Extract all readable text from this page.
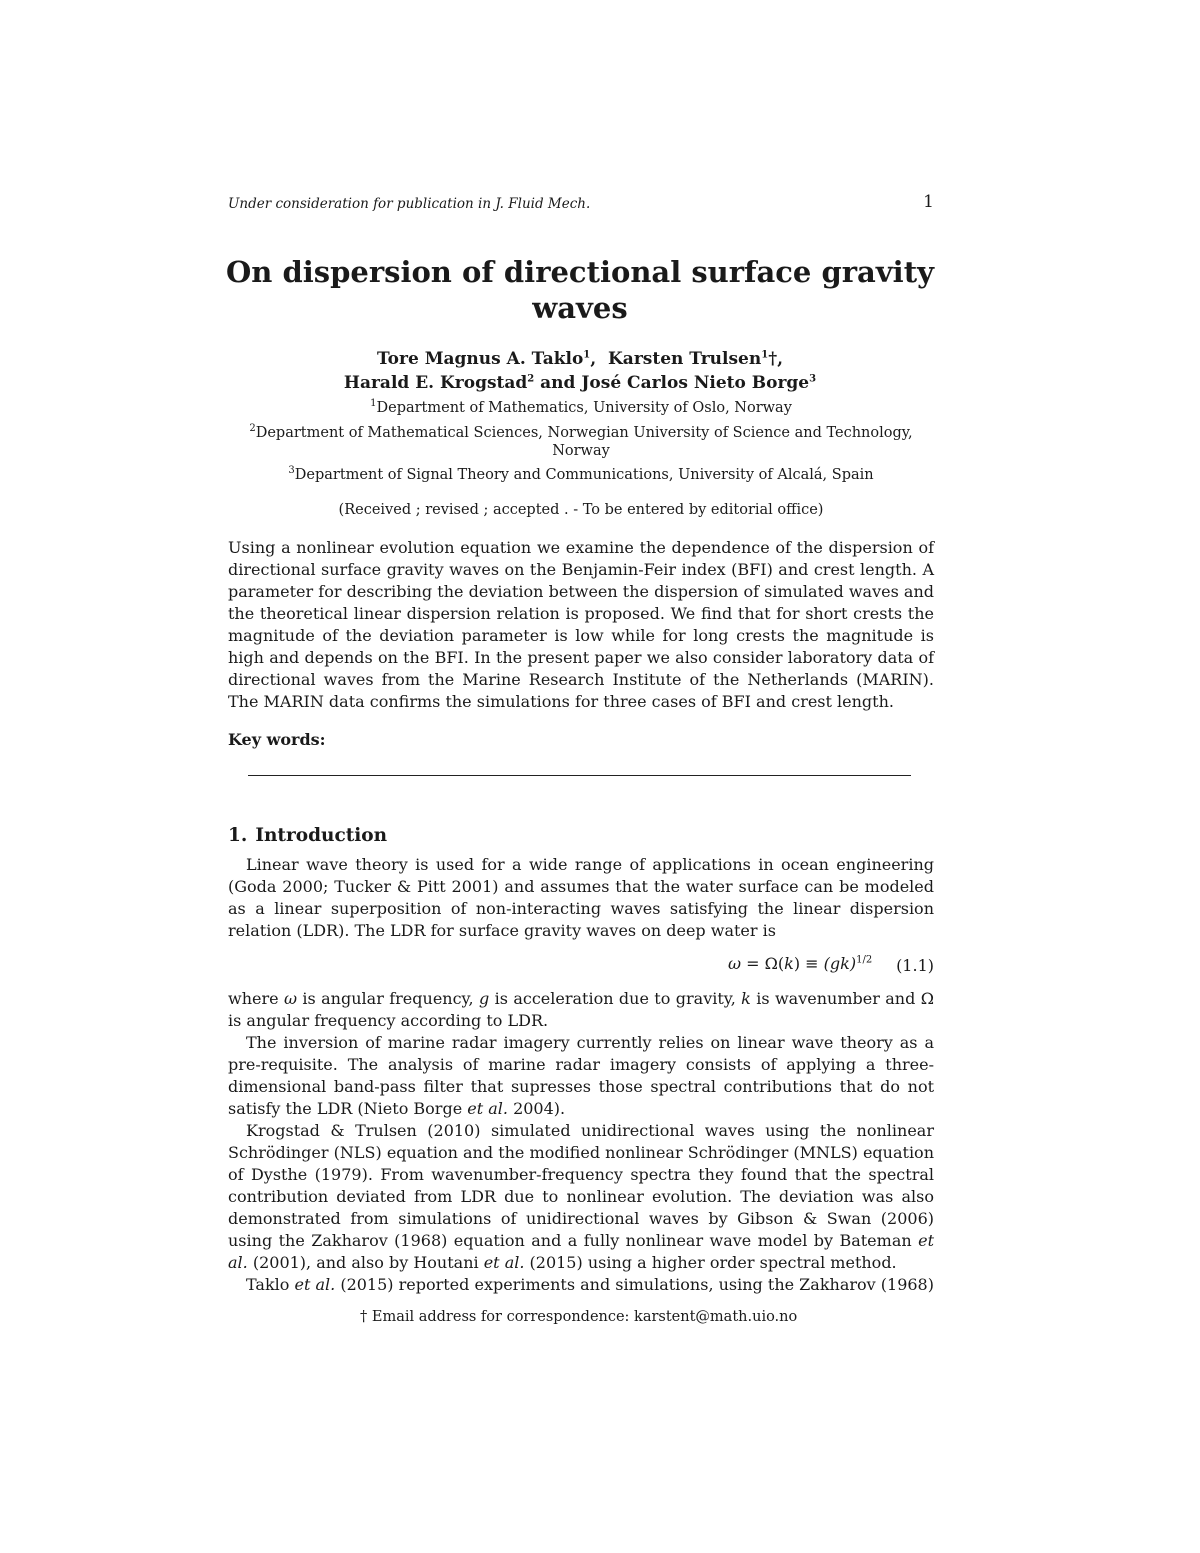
Under consideration for publication in J. Fluid Mech.	1
On dispersion of directional surface gravity
waves
Tore Magnus A. Taklo$^1$,  Karsten Trulsen$^1$†,
Harald E. Krogstad$^2$ and José Carlos Nieto Borge$^3$
$^1$Department of Mathematics, University of Oslo, Norway
$^2$Department of Mathematical Sciences, Norwegian University of Science and Technology,
Norway
$^3$Department of Signal Theory and Communications, University of Alcalá, Spain
(Received ; revised ; accepted . - To be entered by editorial office)
Using a nonlinear evolution equation we examine the dependence of the dispersion of directional surface gravity waves on the Benjamin-Feir index (BFI) and crest length. A parameter for describing the deviation between the dispersion of simulated waves and the theoretical linear dispersion relation is proposed. We find that for short crests the magnitude of the deviation parameter is low while for long crests the magnitude is high and depends on the BFI. In the present paper we also consider laboratory data of directional waves from the Marine Research Institute of the Netherlands (MARIN). The MARIN data confirms the simulations for three cases of BFI and crest length.
Key words:
1. Introduction
Linear wave theory is used for a wide range of applications in ocean engineering (Goda 2000; Tucker & Pitt 2001) and assumes that the water surface can be modeled as a linear superposition of non-interacting waves satisfying the linear dispersion relation (LDR). The LDR for surface gravity waves on deep water is
ω = Ω(k) ≡ (gk)$^{1/2}$ (1.1)
where ω is angular frequency, g is acceleration due to gravity, k is wavenumber and Ω is angular frequency according to LDR.
The inversion of marine radar imagery currently relies on linear wave theory as a pre-requisite. The analysis of marine radar imagery consists of applying a three-dimensional band-pass filter that supresses those spectral contributions that do not satisfy the LDR (Nieto Borge et al. 2004).
Krogstad & Trulsen (2010) simulated unidirectional waves using the nonlinear Schrödinger (NLS) equation and the modified nonlinear Schrödinger (MNLS) equation of Dysthe (1979). From wavenumber-frequency spectra they found that the spectral contribution deviated from LDR due to nonlinear evolution. The deviation was also demonstrated from simulations of unidirectional waves by Gibson & Swan (2006) using the Zakharov (1968) equation and a fully nonlinear wave model by Bateman et al. (2001), and also by Houtani et al. (2015) using a higher order spectral method.
Taklo et al. (2015) reported experiments and simulations, using the Zakharov (1968)
† Email address for correspondence: karstent@math.uio.no
